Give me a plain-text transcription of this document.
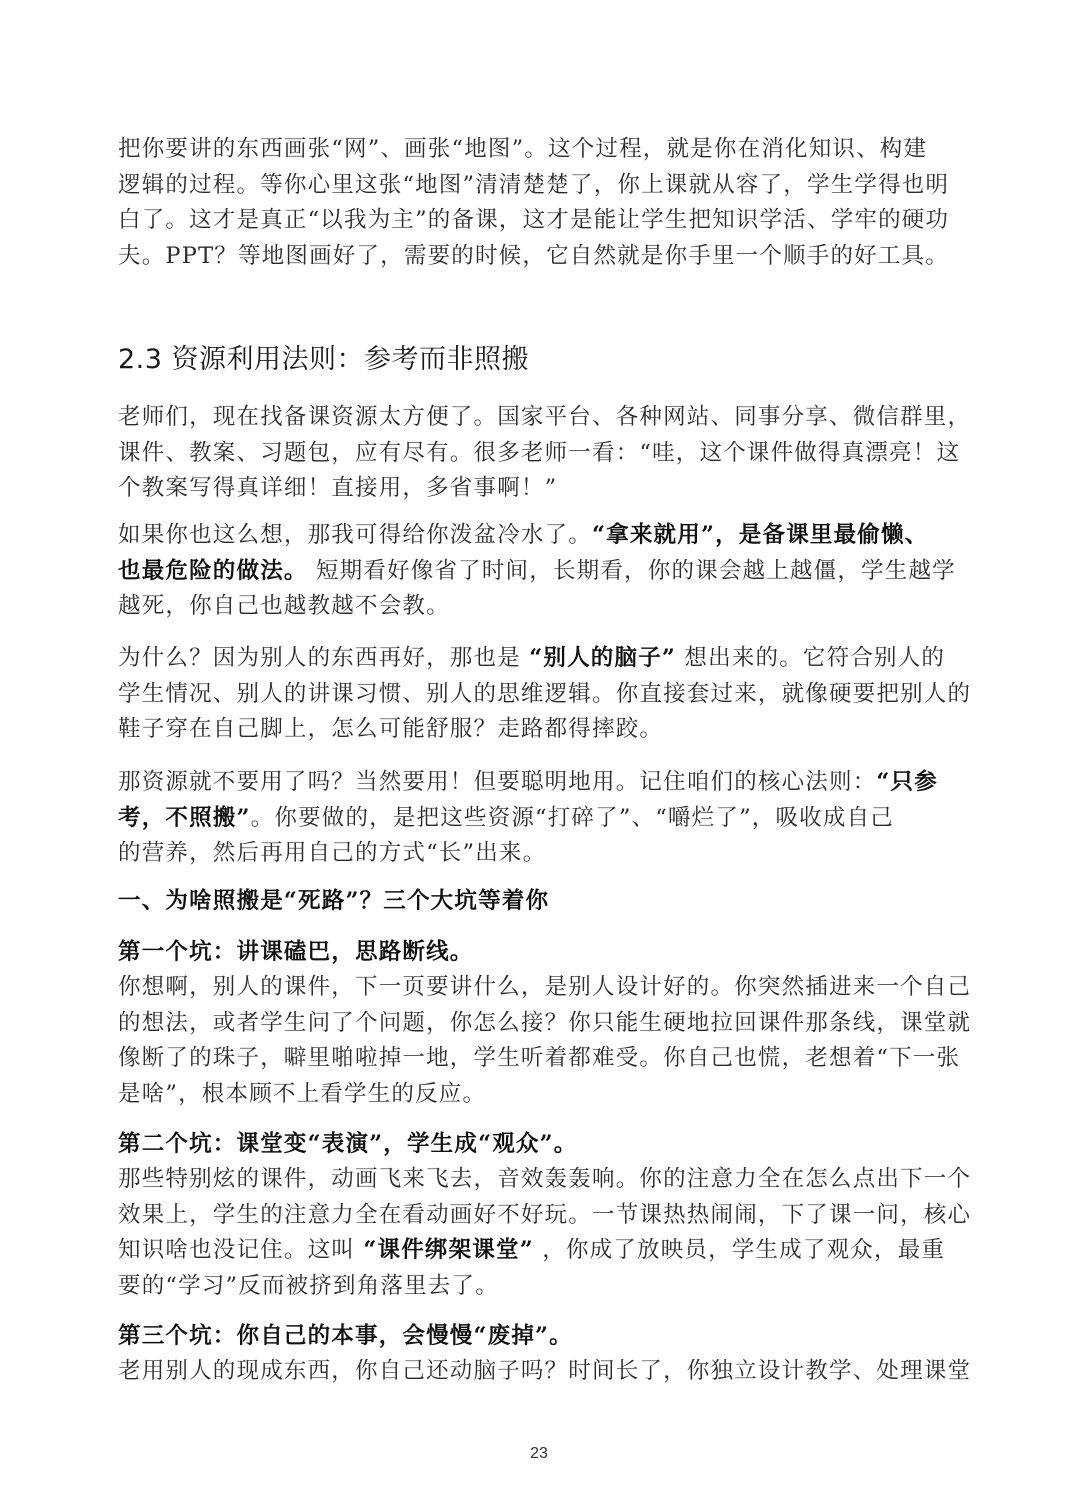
把你要讲的东西画张“网”、画张“地图”。这个过程，就是你在消化知识、构建
逻辑的过程。等你心里这张“地图”清清楚楚了，你上课就从容了，学生学得也明
白了。这才是真正“以我为主”的备课，这才是能让学生把知识学活、学牢的硬功
夫。PPT？等地图画好了，需要的时候，它自然就是你手里一个顺手的好工具。

2.3 资源利用法则：参考而非照搬

老师们，现在找备课资源太方便了。国家平台、各种网站、同事分享、微信群里，
课件、教案、习题包，应有尽有。很多老师一看：“哇，这个课件做得真漂亮！这
个教案写得真详细！直接用，多省事啊！”

如果你也这么想，那我可得给你泼盆冷水了。“拿来就用”，是备课里最偷懒、
也最危险的做法。 短期看好像省了时间，长期看，你的课会越上越僵，学生越学
越死，你自己也越教越不会教。

为什么？因为别人的东西再好，那也是 “别人的脑子” 想出来的。它符合别人的
学生情况、别人的讲课习惯、别人的思维逻辑。你直接套过来，就像硬要把别人的
鞋子穿在自己脚上，怎么可能舒服？走路都得摔跤。

那资源就不要用了吗？当然要用！但要聪明地用。记住咱们的核心法则：“只参
考，不照搬”。你要做的，是把这些资源“打碎了”、“嚼烂了”，吸收成自己
的营养，然后再用自己的方式“长”出来。

一、为啥照搬是“死路”？三个大坑等着你

第一个坑：讲课磕巴，思路断线。

你想啊，别人的课件，下一页要讲什么，是别人设计好的。你突然插进来一个自己
的想法，或者学生问了个问题，你怎么接？你只能生硬地拉回课件那条线，课堂就
像断了的珠子，噼里啪啦掉一地，学生听着都难受。你自己也慌，老想着“下一张
是啥”，根本顾不上看学生的反应。

第二个坑：课堂变“表演”，学生成“观众”。

那些特别炫的课件，动画飞来飞去，音效轰轰响。你的注意力全在怎么点出下一个
效果上，学生的注意力全在看动画好不好玩。一节课热热闹闹，下了课一问，核心
知识啥也没记住。这叫 “课件绑架课堂” ，你成了放映员，学生成了观众，最重
要的“学习”反而被挤到角落里去了。

第三个坑：你自己的本事，会慢慢“废掉”。

老用别人的现成东西，你自己还动脑子吗？时间长了，你独立设计教学、处理课堂

23
